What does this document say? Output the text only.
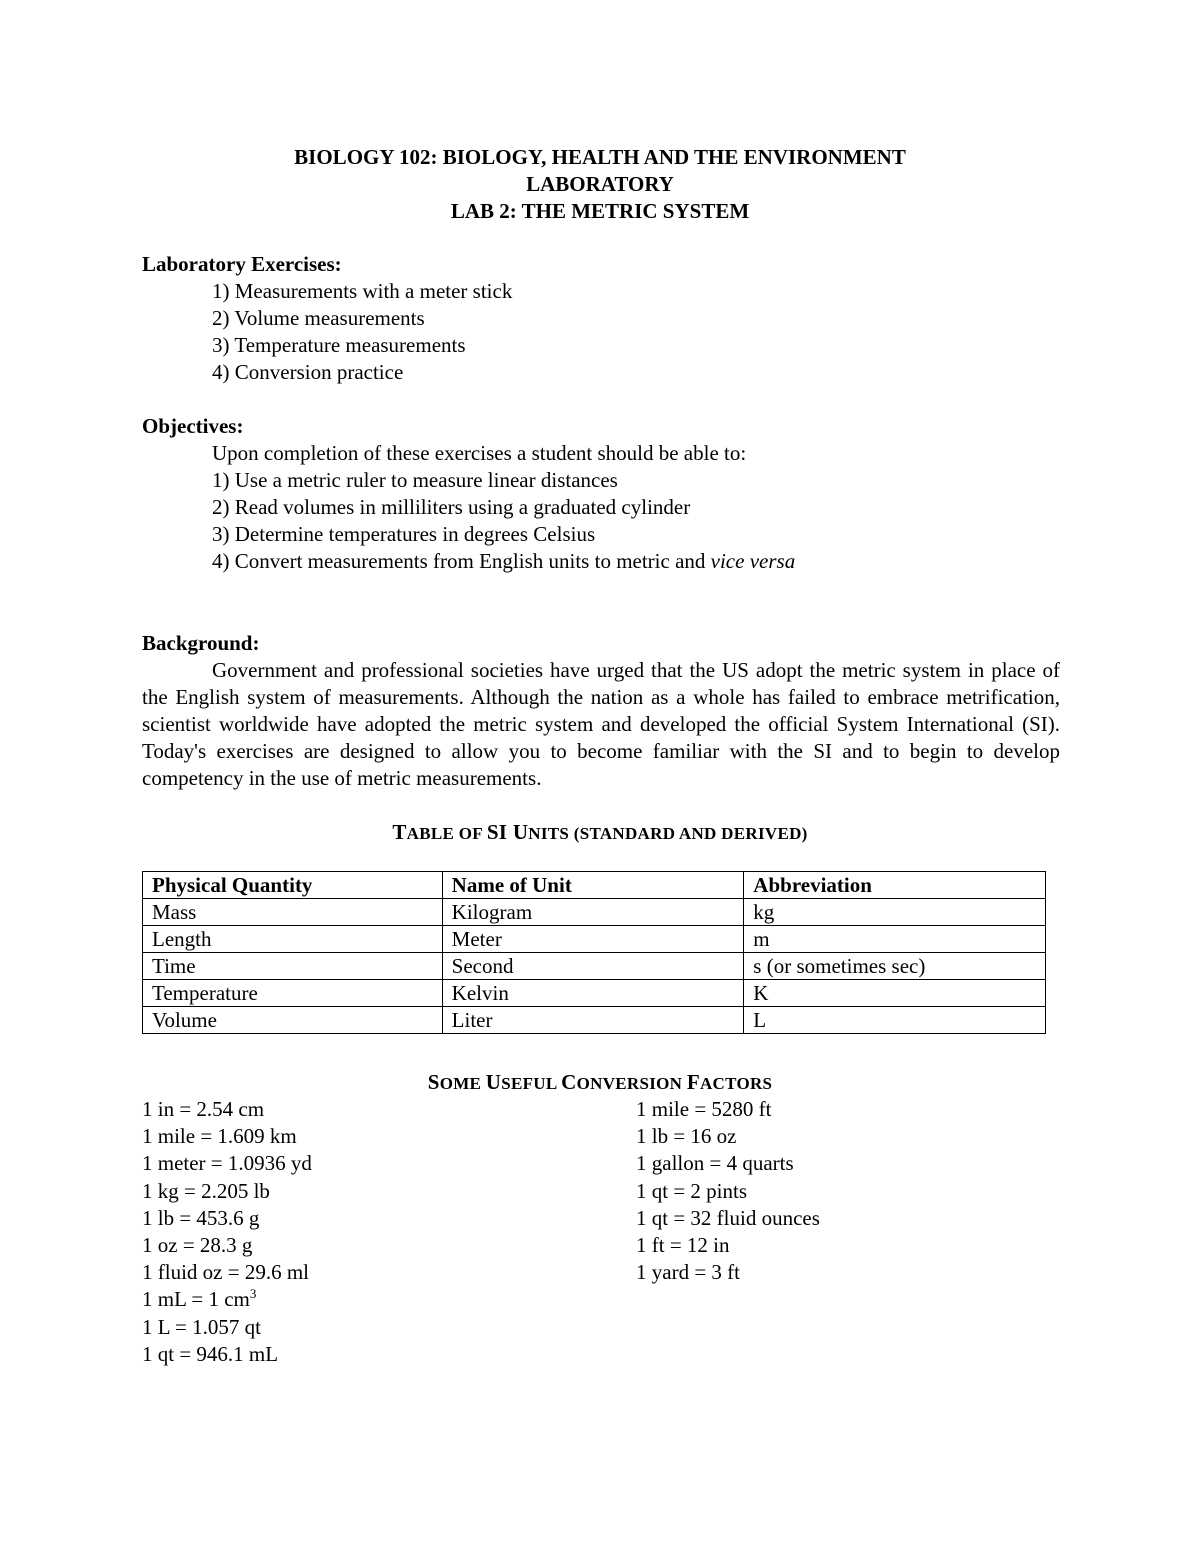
BIOLOGY 102: BIOLOGY, HEALTH AND THE ENVIRONMENT
LABORATORY
LAB 2: THE METRIC SYSTEM
Laboratory Exercises:
1) Measurements with a meter stick
2) Volume measurements
3) Temperature measurements
4) Conversion practice
Objectives:
Upon completion of these exercises a student should be able to:
1) Use a metric ruler to measure linear distances
2) Read volumes in milliliters using a graduated cylinder
3) Determine temperatures in degrees Celsius
4) Convert measurements from English units to metric and vice versa
Background:
Government and professional societies have urged that the US adopt the metric system in place of the English system of measurements. Although the nation as a whole has failed to embrace metrification, scientist worldwide have adopted the metric system and developed the official System International (SI). Today's exercises are designed to allow you to become familiar with the SI and to begin to develop competency in the use of metric measurements.
TABLE OF SI UNITS (STANDARD AND DERIVED)
Physical Quantity	Name of Unit	Abbreviation
Mass	Kilogram	kg
Length	Meter	m
Time	Second	s (or sometimes sec)
Temperature	Kelvin	K
Volume	Liter	L
SOME USEFUL CONVERSION FACTORS
1 in = 2.54 cm
1 mile = 1.609 km
1 meter = 1.0936 yd
1 kg = 2.205 lb
1 lb = 453.6 g
1 oz = 28.3 g
1 fluid oz = 29.6 ml
1 mL = 1 $cm^3$
1 L = 1.057 qt
1 qt = 946.1 mL
1 mile = 5280 ft
1 lb = 16 oz
1 gallon = 4 quarts
1 qt = 2 pints
1 qt = 32 fluid ounces
1 ft = 12 in
1 yard = 3 ft
